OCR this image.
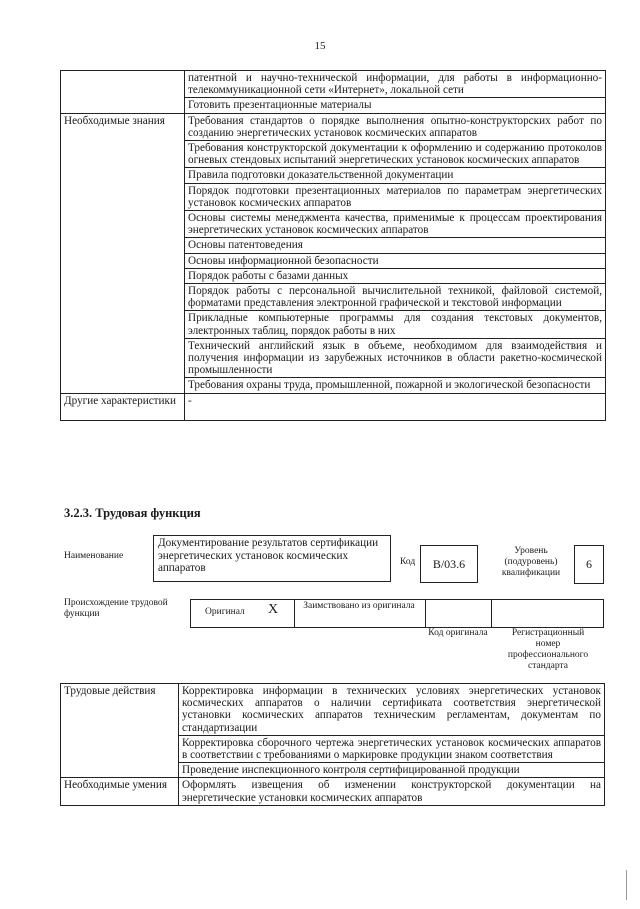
15
	патентной и научно-технической информации, для работы в информационно-телекоммуникационной сети «Интернет», локальной сети
	Готовить презентационные материалы
Необходимые знания	Требования стандартов о порядке выполнения опытно-конструкторских работ по созданию энергетических установок космических аппаратов
	Требования конструкторской документации к оформлению и содержанию протоколов огневых стендовых испытаний энергетических установок космических аппаратов
	Правила подготовки доказательственной документации
	Порядок подготовки презентационных материалов по параметрам энергетических установок космических аппаратов
	Основы системы менеджмента качества, применимые к процессам проектирования энергетических установок космических аппаратов
	Основы патентоведения
	Основы информационной безопасности
	Порядок работы с базами данных
	Порядок работы с персональной вычислительной техникой, файловой системой, форматами представления электронной графической и текстовой информации
	Прикладные компьютерные программы для создания текстовых документов, электронных таблиц, порядок работы в них
	Технический английский язык в объеме, необходимом для взаимодействия и получения информации из зарубежных источников в области ракетно-космической промышленности
	Требования охраны труда, промышленной, пожарной и экологической безопасности
Другие характеристики	-
3.2.3. Трудовая функция
Наименование
Документирование результатов сертификации энергетических установок космических аппаратов	Код	B/03.6
Уровень (подуровень) квалификации
6
Происхождение трудовой функции	Оригинал X	Заимствовано из оригинала
Код оригинала	Регистрационный номер профессионального стандарта
Трудовые действия	Корректировка информации в технических условиях энергетических установок космических аппаратов о наличии сертификата соответствия энергетической установки космических аппаратов техническим регламентам, документам по стандартизации
	Корректировка сборочного чертежа энергетических установок космических аппаратов в соответствии с требованиями о маркировке продукции знаком соответствия
	Проведение инспекционного контроля сертифицированной продукции
Необходимые умения	Оформлять извещения об изменении конструкторской документации на энергетические установки космических аппаратов
